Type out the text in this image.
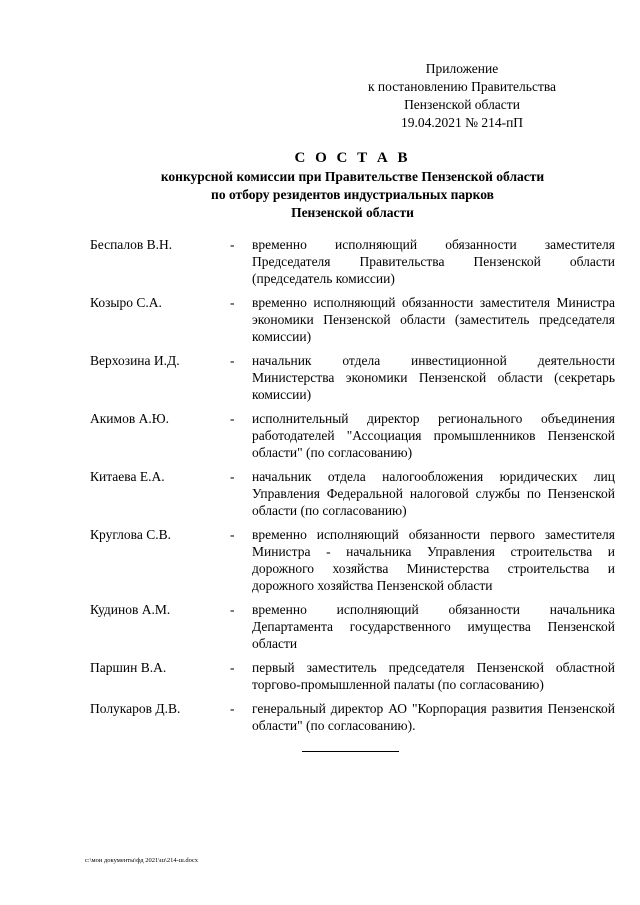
Приложение
к постановлению Правительства
Пензенской области
19.04.2021 № 214-пП
С О С Т А В
конкурсной комиссии при Правительстве Пензенской области
по отбору резидентов индустриальных парков
Пензенской области
Беспалов В.Н.	-	временно исполняющий обязанности заместителя Председателя Правительства Пензенской области (председатель комиссии)
Козыро С.А.	-	временно исполняющий обязанности заместителя Министра экономики Пензенской области (заместитель председателя комиссии)
Верхозина И.Д.	-	начальник отдела инвестиционной деятельности Министерства экономики Пензенской области (секретарь комиссии)
Акимов А.Ю.	-	исполнительный директор регионального объединения работодателей "Ассоциация промышленников Пензенской области" (по согласованию)
Китаева Е.А.	-	начальник отдела налогообложения юридических лиц Управления Федеральной налоговой службы по Пензенской области (по согласованию)
Круглова С.В.	-	временно исполняющий обязанности первого заместителя Министра - начальника Управления строительства и дорожного хозяйства Министерства строительства и дорожного хозяйства Пензенской области
Кудинов А.М.	-	временно исполняющий обязанности начальника Департамента государственного имущества Пензенской области
Паршин В.А.	-	первый заместитель председателя Пензенской областной торгово-промышленной палаты (по согласованию)
Полукаров Д.В.	-	генеральный директор АО "Корпорация развития Пензенской области" (по согласованию).
c:\мои документы\фд 2021\ш\214-ш.docx
